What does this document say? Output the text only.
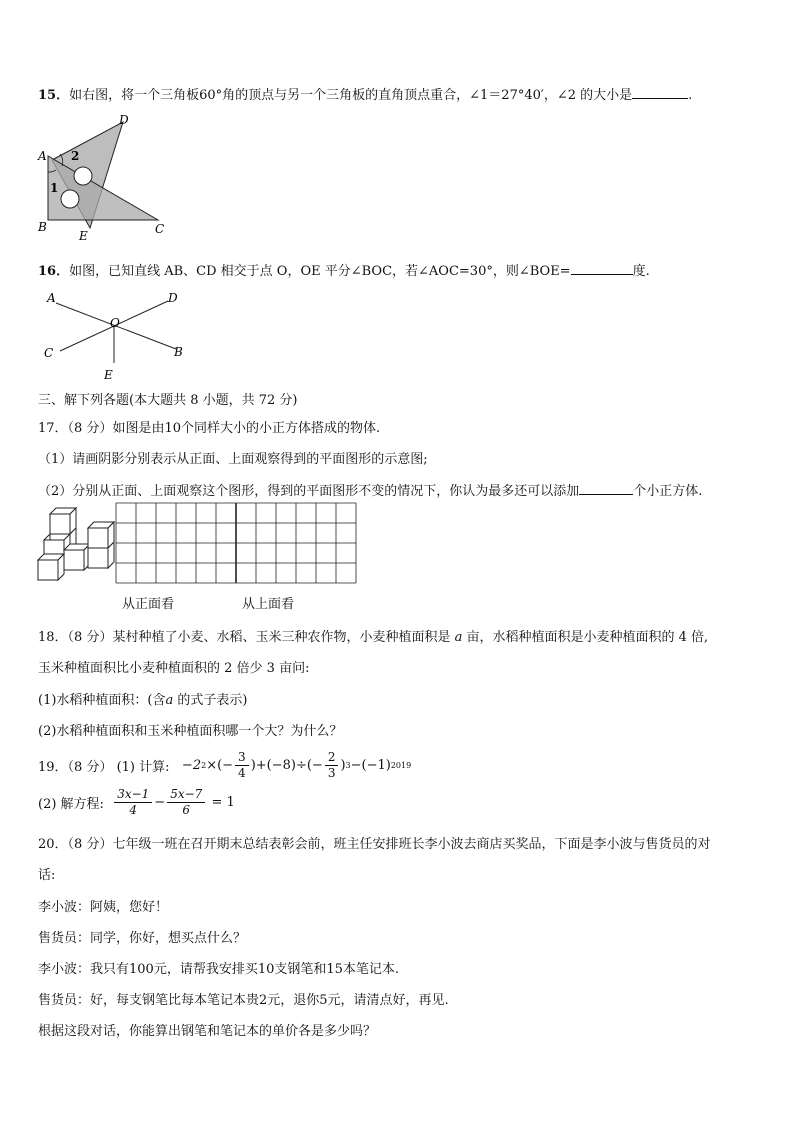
15．如右图，将一个三角板60°角的顶点与另一个三角板的直角顶点重合，∠1＝27°40′，∠2 的大小是	.
A
D
B	C
E
2
1
16．如图，已知直线 AB、CD 相交于点 O，OE 平分∠BOC，若∠AOC=30°，则∠BOE=	度.
A	D
C	B
O
E
三、解下列各题(本大题共 8 小题，共 72 分)
17．（8 分）如图是由10个同样大小的小正方体搭成的物体.
（1）请画阴影分别表示从正面、上面观察得到的平面图形的示意图;
（2）分别从正面、上面观察这个图形，得到的平面图形不变的情况下，你认为最多还可以添加	个小正方体.
从正面看	从上面看
18．（8 分）某村种植了小麦、水稻、玉米三种农作物，小麦种植面积是 a 亩，水稻种植面积是小麦种植面积的 4 倍,
玉米种植面积比小麦种植面积的 2 倍少 3 亩问:
(1)水稻种植面积：(含a 的式子表示)
(2)水稻种植面积和玉米种植面积哪一个大？为什么？
19．（8 分） (1) 计算:
−2 2 ×(− $\frac{3}{4} )+(-8)\div(- \frac{2}{3}$ ) 3 −(−1) 2019
(2) 解方程:
$\frac{3x-1}{4} - \frac{5x-7}{6}$
= 1
20．（8 分）七年级一班在召开期末总结表彰会前，班主任安排班长李小波去商店买奖品，下面是李小波与售货员的对
话:
李小波：阿姨，您好！
售货员：同学，你好，想买点什么？
李小波：我只有100元，请帮我安排买10支钢笔和15本笔记本.
售货员：好，每支钢笔比每本笔记本贵2元，退你5元，请清点好，再见.
根据这段对话，你能算出钢笔和笔记本的单价各是多少吗？
